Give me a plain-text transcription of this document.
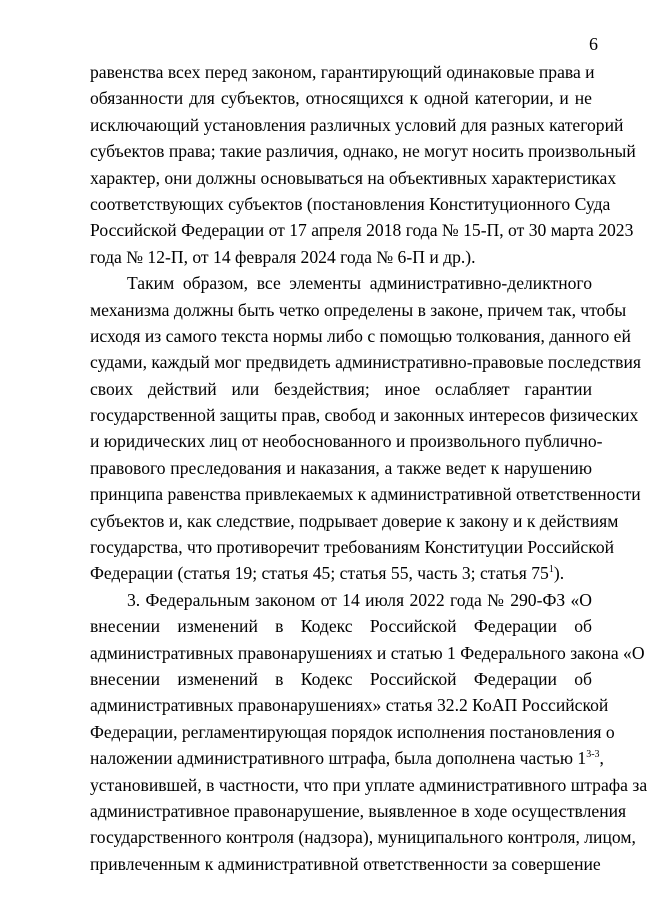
6
равенства всех перед законом, гарантирующий одинаковые права и
обязанности для субъектов, относящихся к одной категории, и не
исключающий установления различных условий для разных категорий
субъектов права; такие различия, однако, не могут носить произвольный
характер, они должны основываться на объективных характеристиках
соответствующих субъектов (постановления Конституционного Суда
Российской Федерации от 17 апреля 2018 года № 15-П, от 30 марта 2023
года № 12-П, от 14 февраля 2024 года № 6-П и др.).
Таким образом, все элементы административно-деликтного
механизма должны быть четко определены в законе, причем так, чтобы
исходя из самого текста нормы либо с помощью толкования, данного ей
судами, каждый мог предвидеть административно-правовые последствия
своих действий или бездействия; иное ослабляет гарантии
государственной защиты прав, свобод и законных интересов физических
и юридических лиц от необоснованного и произвольного публично-
правового преследования и наказания, а также ведет к нарушению
принципа равенства привлекаемых к административной ответственности
субъектов и, как следствие, подрывает доверие к закону и к действиям
государства, что противоречит требованиям Конституции Российской
Федерации (статья 19; статья 45; статья 55, часть 3; статья $75^1$).
3. Федеральным законом от 14 июля 2022 года № 290-ФЗ «О
внесении изменений в Кодекс Российской Федерации об
административных правонарушениях и статью 1 Федерального закона «О
внесении изменений в Кодекс Российской Федерации об
административных правонарушениях» статья 32.2 КоАП Российской
Федерации, регламентирующая порядок исполнения постановления о
наложении административного штрафа, была дополнена частью 1$^{3-3}$,
установившей, в частности, что при уплате административного штрафа за
административное правонарушение, выявленное в ходе осуществления
государственного контроля (надзора), муниципального контроля, лицом,
привлеченным к административной ответственности за совершение
